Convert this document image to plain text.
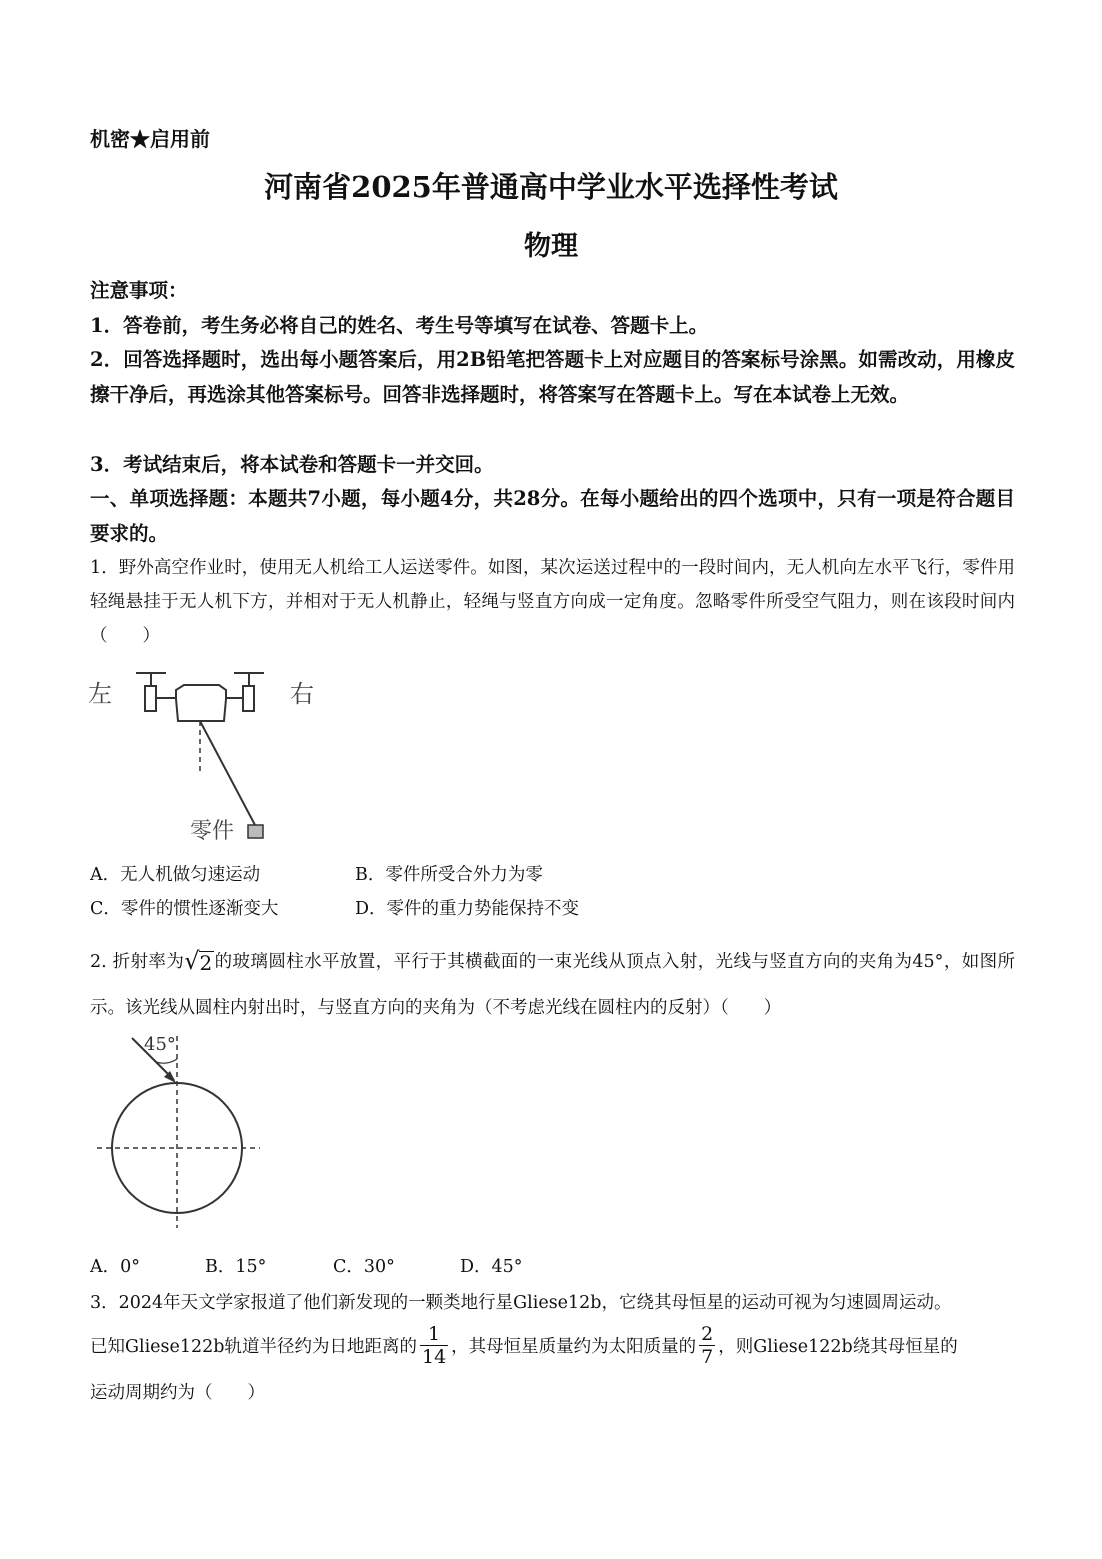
机密★启用前
河南省2025年普通高中学业水平选择性考试
物理
注意事项：
1．答卷前，考生务必将自己的姓名、考生号等填写在试卷、答题卡上。
2．回答选择题时，选出每小题答案后，用2B铅笔把答题卡上对应题目的答案标号涂黑。如需改动，用橡皮擦干净后，再选涂其他答案标号。回答非选择题时，将答案写在答题卡上。写在本试卷上无效。
3．考试结束后，将本试卷和答题卡一并交回。
一、单项选择题：本题共7小题，每小题4分，共28分。在每小题给出的四个选项中，只有一项是符合题目要求的。
1．野外高空作业时，使用无人机给工人运送零件。如图，某次运送过程中的一段时间内，无人机向左水平飞行，零件用轻绳悬挂于无人机下方，并相对于无人机静止，轻绳与竖直方向成一定角度。忽略零件所受空气阻力，则在该段时间内（　　）
左	右
零件
A．无人机做匀速运动	B．零件所受合外力为零
C．零件的惯性逐渐变大	D．零件的重力势能保持不变
2. 折射率为 √ 2 的玻璃圆柱水平放置，平行于其横截面的一束光线从顶点入射，光线与竖直方向的夹角为45°，如图所示。该光线从圆柱内射出时，与竖直方向的夹角为（不考虑光线在圆柱内的反射）（　　）
45°
A．0°	B．15°	C．30°	D．45°
3．2024年天文学家报道了他们新发现的一颗类地行星Gliese12b，它绕其母恒星的运动可视为匀速圆周运动。
已知Gliese122b轨道半径约为日地距离的 $\frac{1}{14}$ ，其母恒星质量约为太阳质量的 $\frac{2}{7}$ ，则Gliese122b绕其母恒星的
运动周期约为（　　）
